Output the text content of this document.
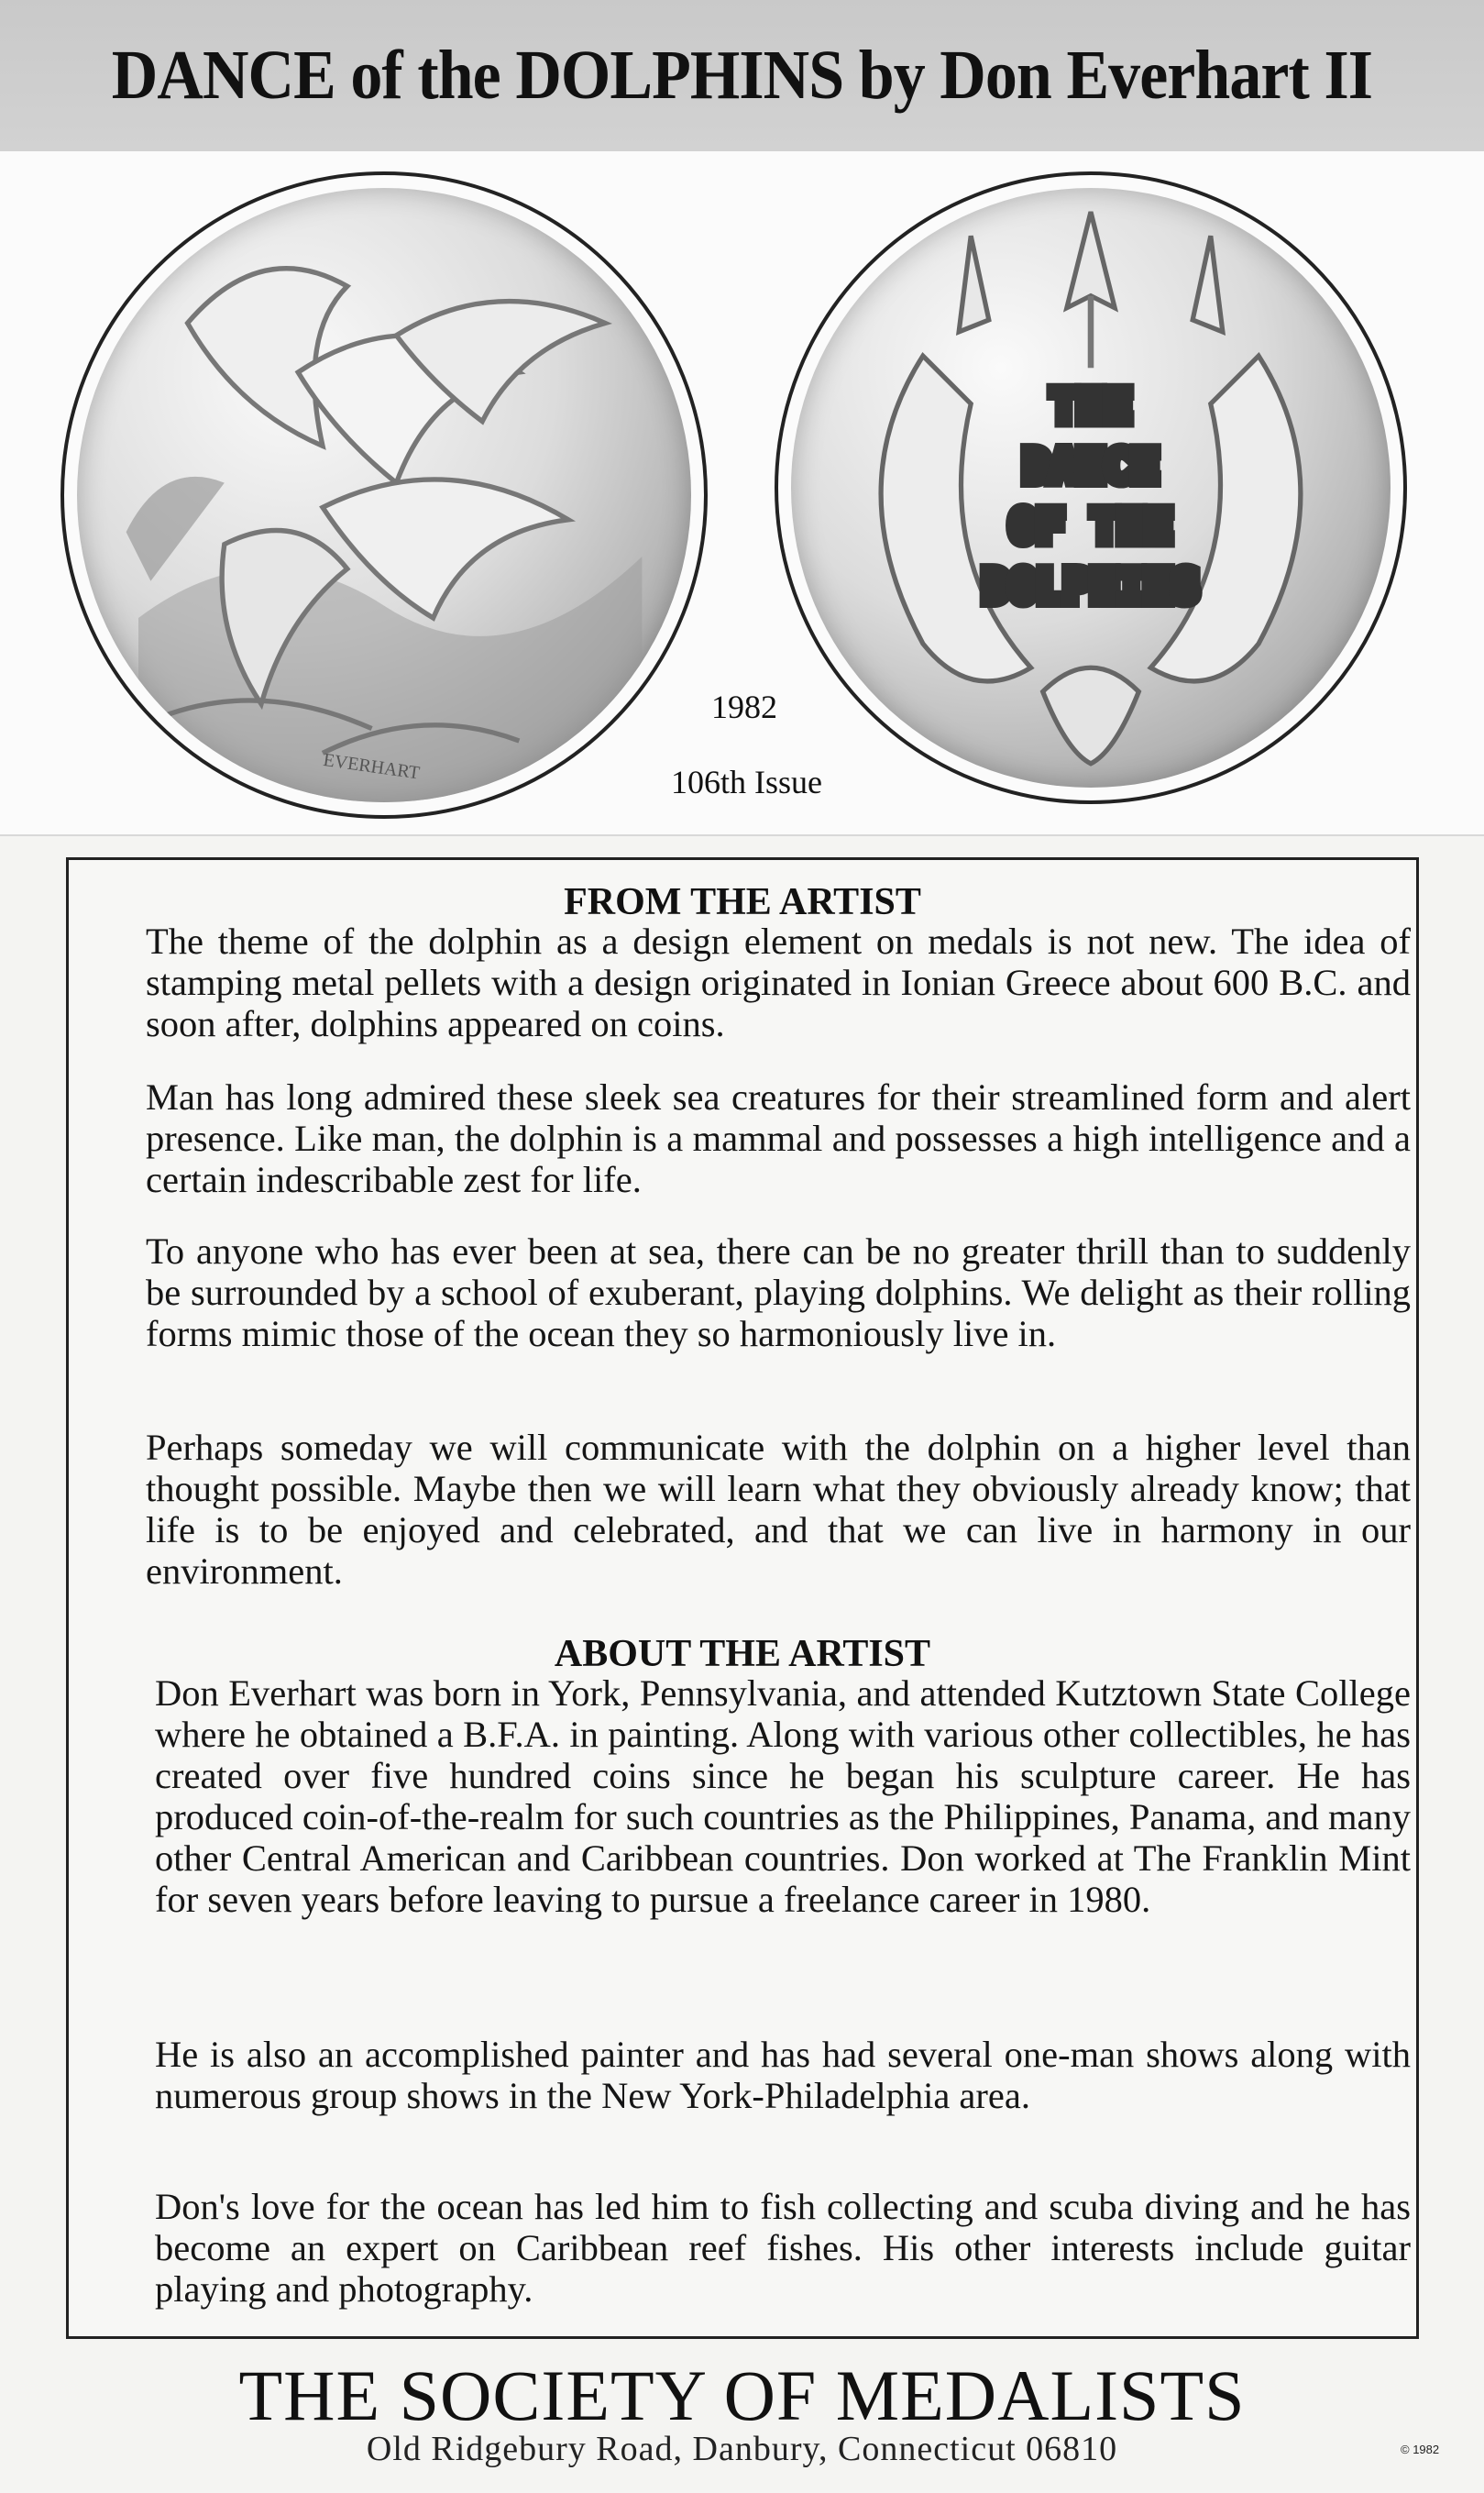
DANCE of the DOLPHINS by Don Everhart II
EVERHART
1982
106th Issue
THE
DANCE
OF THE
DOLPHINS
FROM THE ARTIST

The theme of the dolphin as a design element on medals is not new. The idea of stamping metal pellets with a design originated in Ionian Greece about 600 B.C. and soon after, dolphins appeared on coins.

Man has long admired these sleek sea creatures for their streamlined form and alert presence. Like man, the dolphin is a mammal and possesses a high intelligence and a certain indescribable zest for life.

To anyone who has ever been at sea, there can be no greater thrill than to suddenly be surrounded by a school of exuberant, playing dolphins. We delight as their rolling forms mimic those of the ocean they so harmoniously live in.

Perhaps someday we will communicate with the dolphin on a higher level than thought possible. Maybe then we will learn what they obviously already know; that life is to be enjoyed and celebrated, and that we can live in harmony in our environment.

ABOUT THE ARTIST

Don Everhart was born in York, Pennsylvania, and attended Kutztown State College where he obtained a B.F.A. in painting. Along with various other collectibles, he has created over five hundred coins since he began his sculpture career. He has produced coin-of-the-realm for such countries as the Philippines, Panama, and many other Central American and Caribbean countries. Don worked at The Franklin Mint for seven years before leaving to pursue a freelance career in 1980.

He is also an accomplished painter and has had several one-man shows along with numerous group shows in the New York-Philadelphia area.

Don's love for the ocean has led him to fish collecting and scuba diving and he has become an expert on Caribbean reef fishes. His other interests include guitar playing and photography.

THE SOCIETY OF MEDALISTS
Old Ridgebury Road, Danbury, Connecticut 06810	© 1982
